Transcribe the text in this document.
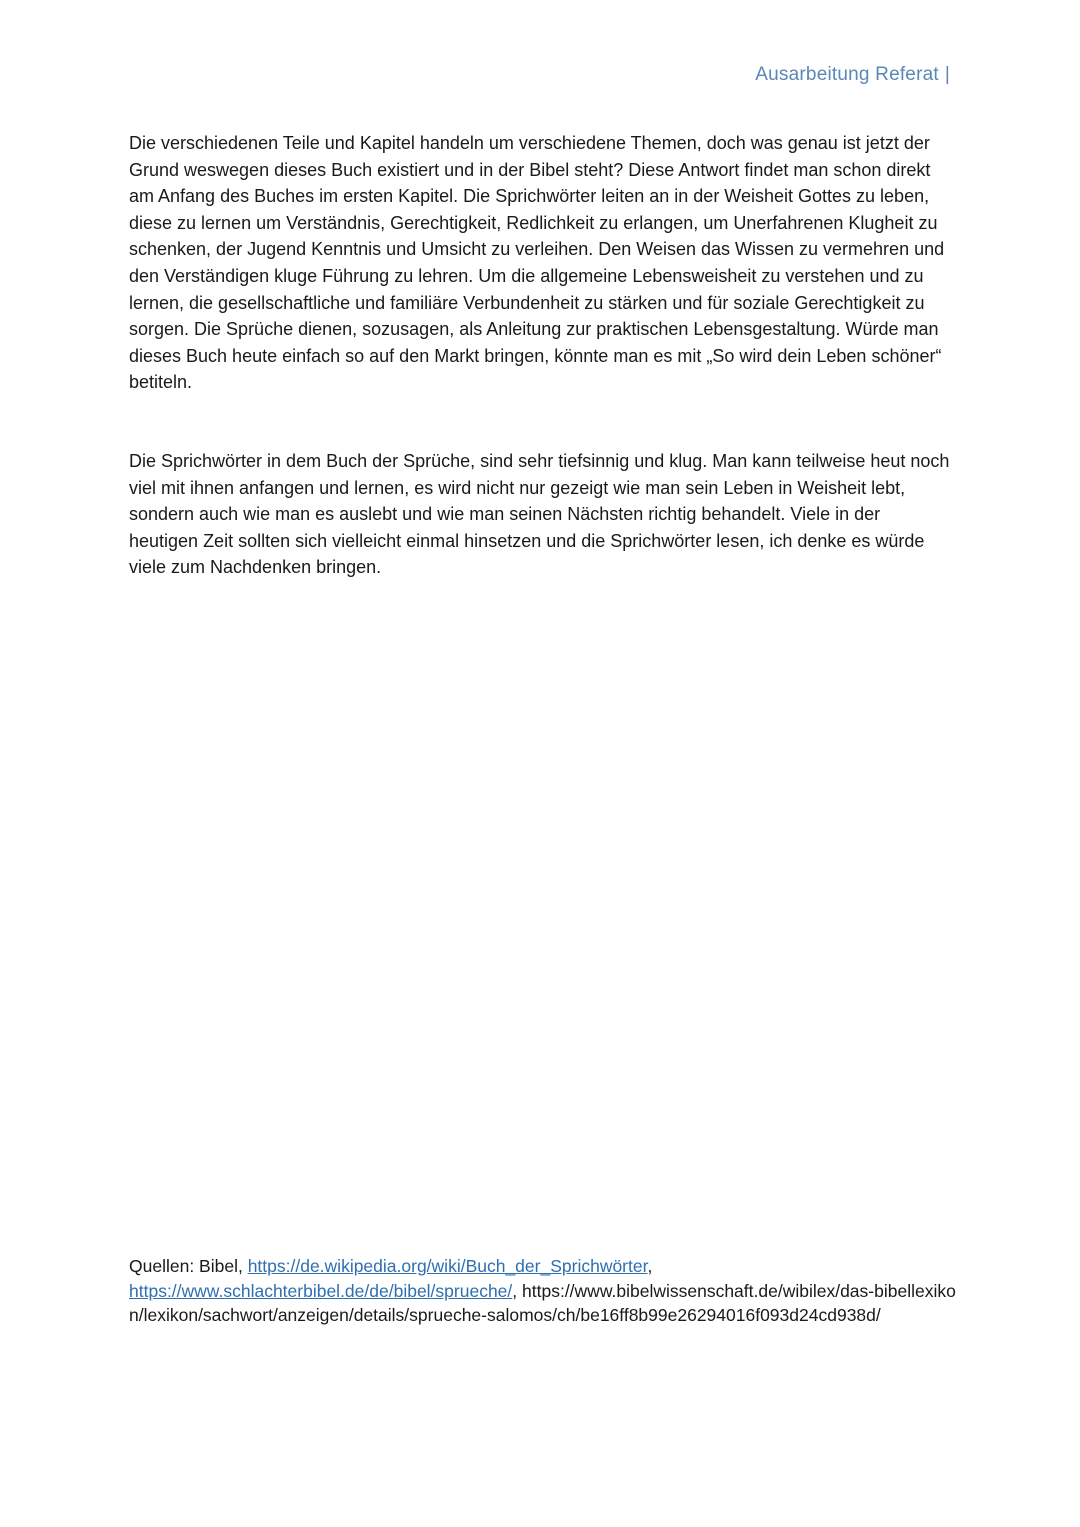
Ausarbeitung Referat |

Die verschiedenen Teile und Kapitel handeln um verschiedene Themen, doch was genau ist jetzt der Grund weswegen dieses Buch existiert und in der Bibel steht? Diese Antwort findet man schon direkt am Anfang des Buches im ersten Kapitel. Die Sprichwörter leiten an in der Weisheit Gottes zu leben, diese zu lernen um Verständnis, Gerechtigkeit, Redlichkeit zu erlangen, um Unerfahrenen Klugheit zu schenken, der Jugend Kenntnis und Umsicht zu verleihen. Den Weisen das Wissen zu vermehren und den Verständigen kluge Führung zu lehren. Um die allgemeine Lebensweisheit zu verstehen und zu lernen, die gesellschaftliche und familiäre Verbundenheit zu stärken und für soziale Gerechtigkeit zu sorgen. Die Sprüche dienen, sozusagen, als Anleitung zur praktischen Lebensgestaltung. Würde man dieses Buch heute einfach so auf den Markt bringen, könnte man es mit „So wird dein Leben schöner“ betiteln.

Die Sprichwörter in dem Buch der Sprüche, sind sehr tiefsinnig und klug. Man kann teilweise heut noch viel mit ihnen anfangen und lernen, es wird nicht nur gezeigt wie man sein Leben in Weisheit lebt, sondern auch wie man es auslebt und wie man seinen Nächsten richtig behandelt. Viele in der heutigen Zeit sollten sich vielleicht einmal hinsetzen und die Sprichwörter lesen, ich denke es würde viele zum Nachdenken bringen.

Quellen: Bibel, https://de.wikipedia.org/wiki/Buch_der_Sprichwörter,
https://www.schlachterbibel.de/de/bibel/sprueche/, https://www.bibelwissenschaft.de/wibilex/das-bibellexikon/lexikon/sachwort/anzeigen/details/sprueche-salomos/ch/be16ff8b99e26294016f093d24cd938d/
